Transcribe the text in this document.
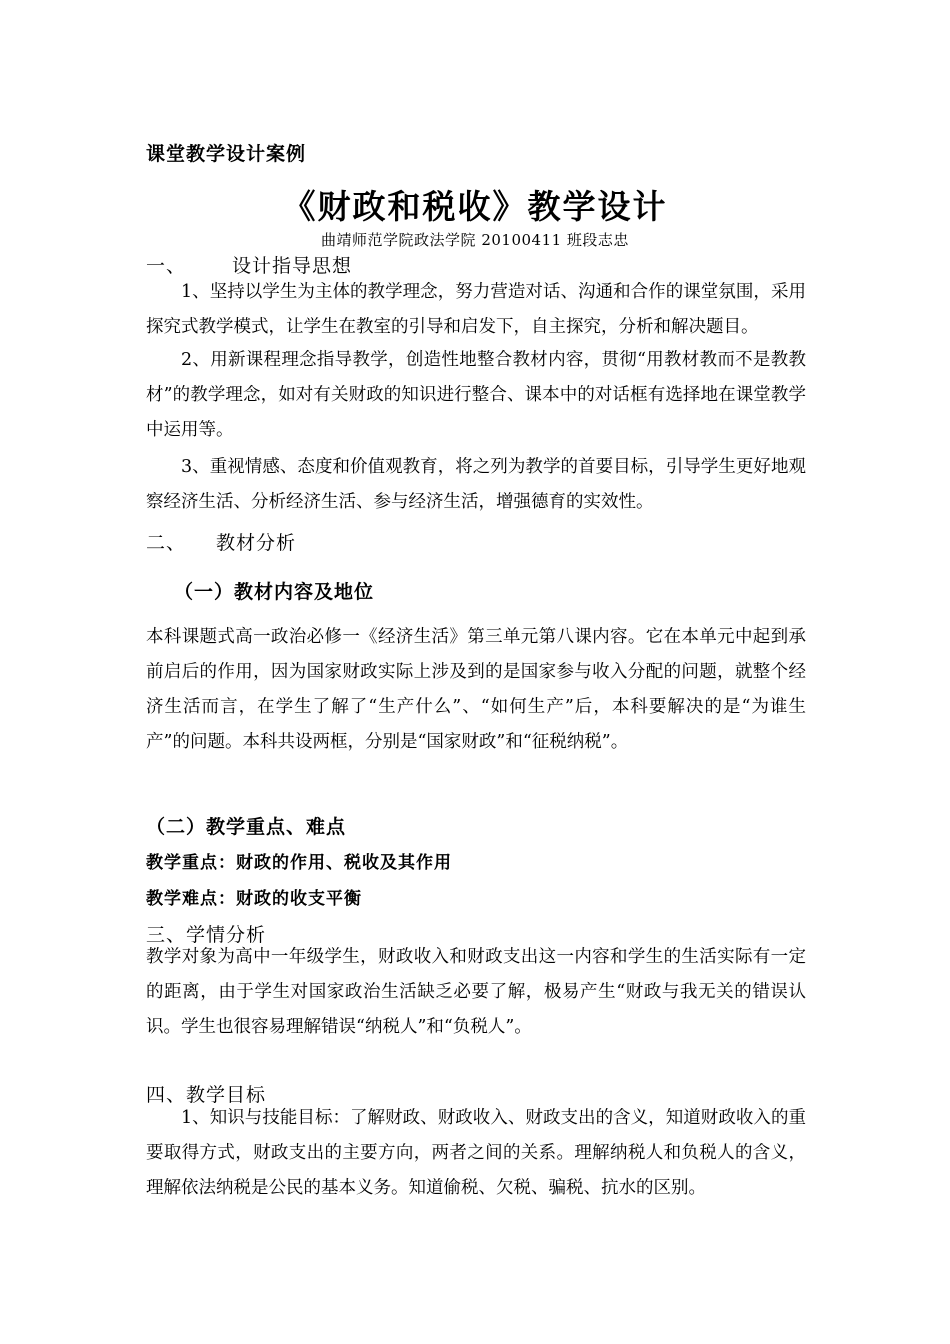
课堂教学设计案例
《财政和税收》教学设计
曲靖师范学院政法学院 20100411 班段志忠
一、 设计指导思想
1、坚持以学生为主体的教学理念，努力营造对话、沟通和合作的课堂氛围，采用探究式教学模式，让学生在教室的引导和启发下，自主探究，分析和解决题目。
2、用新课程理念指导教学，创造性地整合教材内容，贯彻“用教材教而不是教教材”的教学理念，如对有关财政的知识进行整合、课本中的对话框有选择地在课堂教学中运用等。
3、重视情感、态度和价值观教育，将之列为教学的首要目标，引导学生更好地观察经济生活、分析经济生活、参与经济生活，增强德育的实效性。
二、 教材分析
（一）教材内容及地位
本科课题式高一政治必修一《经济生活》第三单元第八课内容。它在本单元中起到承前启后的作用，因为国家财政实际上涉及到的是国家参与收入分配的问题，就整个经济生活而言，在学生了解了“生产什么”、“如何生产”后，本科要解决的是“为谁生产”的问题。本科共设两框，分别是“国家财政”和“征税纳税”。
（二）教学重点、难点
教学重点：财政的作用、税收及其作用
教学难点：财政的收支平衡
三、学情分析
教学对象为高中一年级学生，财政收入和财政支出这一内容和学生的生活实际有一定的距离，由于学生对国家政治生活缺乏必要了解，极易产生“财政与我无关的错误认识。学生也很容易理解错误“纳税人”和“负税人”。
四、教学目标
1、知识与技能目标：了解财政、财政收入、财政支出的含义，知道财政收入的重要取得方式，财政支出的主要方向，两者之间的关系。理解纳税人和负税人的含义，理解依法纳税是公民的基本义务。知道偷税、欠税、骗税、抗水的区别。
